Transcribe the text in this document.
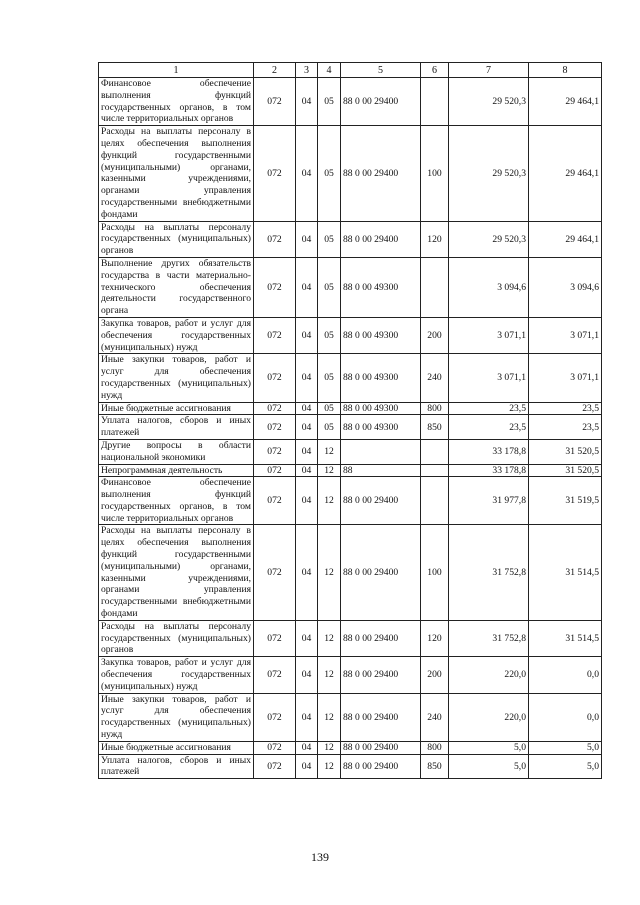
1	2	3	4	5	6	7	8
Финансовое обеспечение выполнения функций государственных органов, в том числе территориальных органов	072	04	05	88 0 00 29400		29 520,3	29 464,1
Расходы на выплаты персоналу в целях обеспечения выполнения функций государственными (муниципальными) органами, казенными учреждениями, органами управления государственными внебюджетными фондами	072	04	05	88 0 00 29400	100	29 520,3	29 464,1
Расходы на выплаты персоналу государственных (муниципальных) органов	072	04	05	88 0 00 29400	120	29 520,3	29 464,1
Выполнение других обязательств государства в части материально-технического обеспечения деятельности государственного органа	072	04	05	88 0 00 49300		3 094,6	3 094,6
Закупка товаров, работ и услуг для обеспечения государственных (муниципальных) нужд	072	04	05	88 0 00 49300	200	3 071,1	3 071,1
Иные закупки товаров, работ и услуг для обеспечения государственных (муниципальных) нужд	072	04	05	88 0 00 49300	240	3 071,1	3 071,1
Иные бюджетные ассигнования	072	04	05	88 0 00 49300	800	23,5	23,5
Уплата налогов, сборов и иных платежей	072	04	05	88 0 00 49300	850	23,5	23,5
Другие вопросы в области национальной экономики	072	04	12			33 178,8	31 520,5
Непрограммная деятельность	072	04	12	88		33 178,8	31 520,5
Финансовое обеспечение выполнения функций государственных органов, в том числе территориальных органов	072	04	12	88 0 00 29400		31 977,8	31 519,5
Расходы на выплаты персоналу в целях обеспечения выполнения функций государственными (муниципальными) органами, казенными учреждениями, органами управления государственными внебюджетными фондами	072	04	12	88 0 00 29400	100	31 752,8	31 514,5
Расходы на выплаты персоналу государственных (муниципальных) органов	072	04	12	88 0 00 29400	120	31 752,8	31 514,5
Закупка товаров, работ и услуг для обеспечения государственных (муниципальных) нужд	072	04	12	88 0 00 29400	200	220,0	0,0
Иные закупки товаров, работ и услуг для обеспечения государственных (муниципальных) нужд	072	04	12	88 0 00 29400	240	220,0	0,0
Иные бюджетные ассигнования	072	04	12	88 0 00 29400	800	5,0	5,0
Уплата налогов, сборов и иных платежей	072	04	12	88 0 00 29400	850	5,0	5,0
139
